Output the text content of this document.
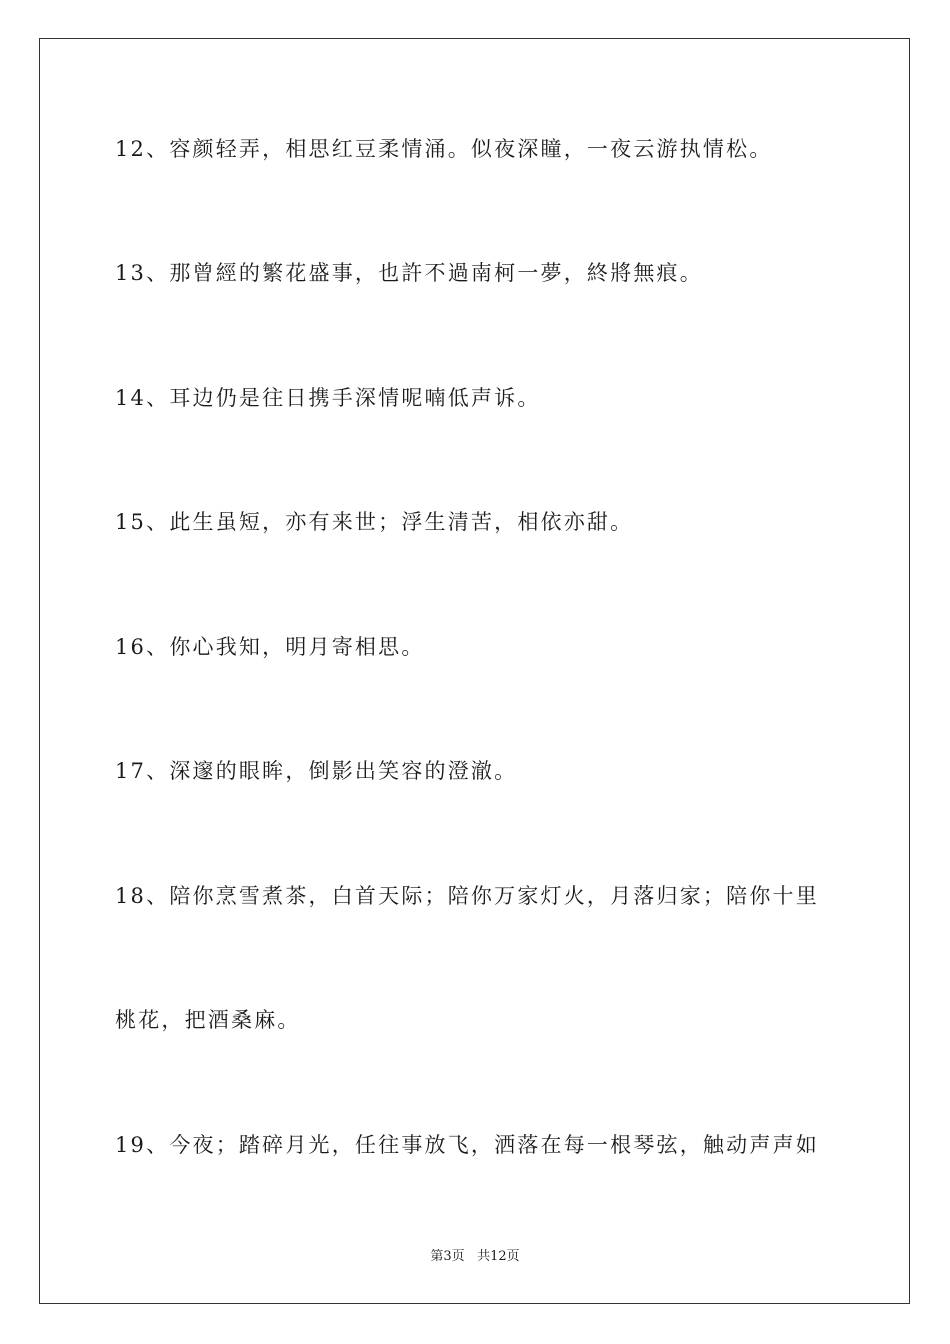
12、容颜轻弄，相思红豆柔情涌。似夜深瞳，一夜云游执情松。
13、那曾經的繁花盛事，也許不過南柯一夢，終將無痕。
14、耳边仍是往日携手深情呢喃低声诉。
15、此生虽短，亦有来世；浮生清苦，相依亦甜。
16、你心我知，明月寄相思。
17、深邃的眼眸，倒影出笑容的澄澈。
18、陪你烹雪煮茶，白首天际；陪你万家灯火，月落归家；陪你十里
桃花，把酒桑麻。
19、今夜；踏碎月光，任往事放飞，洒落在每一根琴弦，触动声声如
第3页 共12页
